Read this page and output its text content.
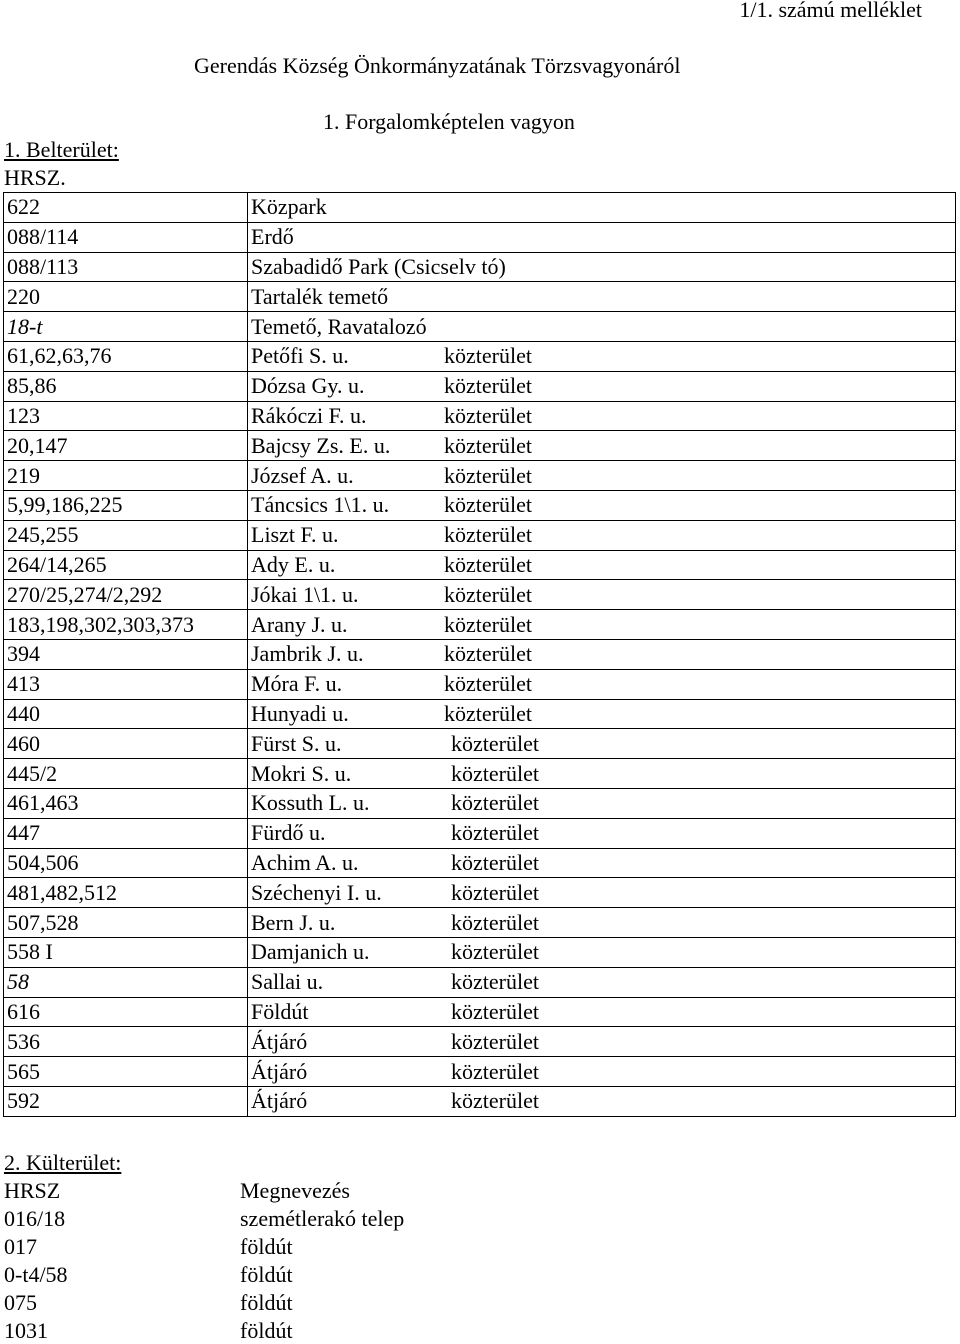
1/1. számú melléklet
Gerendás Község Önkormányzatának Törzsvagyonáról
1. Forgalomképtelen vagyon
1. Belterület:
HRSZ.
622	Közpark
088/114	Erdő
088/113	Szabadidő Park (Csicselv tó)
220	Tartalék temető
18-t	Temető, Ravatalozó
61,62,63,76	Petőfi S. u. közterület
85,86	Dózsa Gy. u. közterület
123	Rákóczi F. u. közterület
20,147	Bajcsy Zs. E. u. közterület
219	József A. u. közterület
5,99,186,225	Táncsics 1\1. u. közterület
245,255	Liszt F. u. közterület
264/14,265	Ady E. u. közterület
270/25,274/2,292	Jókai 1\1. u. közterület
183,198,302,303,373	Arany J. u. közterület
394	Jambrik J. u. közterület
413	Móra F. u. közterület
440	Hunyadi u. közterület
460	Fürst S. u. közterület
445/2	Mokri S. u. közterület
461,463	Kossuth L. u. közterület
447	Fürdő u. közterület
504,506	Achim A. u. közterület
481,482,512	Széchenyi I. u. közterület
507,528	Bern J. u. közterület
558 I	Damjanich u. közterület
58	Sallai u. közterület
616	Földút közterület
536	Átjáró közterület
565	Átjáró közterület
592	Átjáró közterület
2. Külterület:
HRSZ	Megnevezés
016/18	szemétlerakó telep
017	földút
0-t4/58	földút
075	földút
1031	földút
